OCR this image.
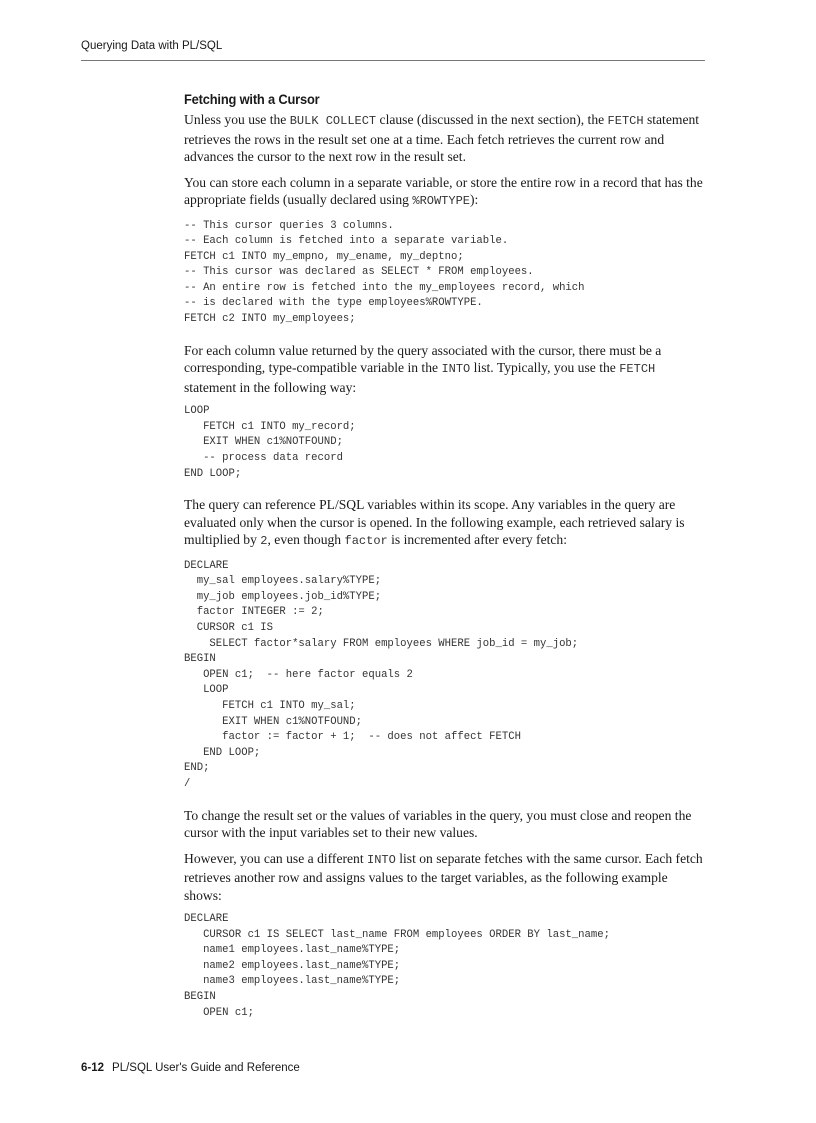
Querying Data with PL/SQL
Fetching with a Cursor

Unless you use the BULK COLLECT clause (discussed in the next section), the FETCH statement retrieves the rows in the result set one at a time. Each fetch retrieves the current row and advances the cursor to the next row in the result set.

You can store each column in a separate variable, or store the entire row in a record that has the appropriate fields (usually declared using %ROWTYPE):

-- This cursor queries 3 columns.
-- Each column is fetched into a separate variable.
FETCH c1 INTO my_empno, my_ename, my_deptno;
-- This cursor was declared as SELECT * FROM employees.
-- An entire row is fetched into the my_employees record, which
-- is declared with the type employees%ROWTYPE.
FETCH c2 INTO my_employees;

For each column value returned by the query associated with the cursor, there must be a corresponding, type-compatible variable in the INTO list. Typically, you use the FETCH statement in the following way:

LOOP
FETCH c1 INTO my_record;
EXIT WHEN c1%NOTFOUND;
-- process data record
END LOOP;

The query can reference PL/SQL variables within its scope. Any variables in the query are evaluated only when the cursor is opened. In the following example, each retrieved salary is multiplied by 2, even though factor is incremented after every fetch:

DECLARE
my_sal employees.salary%TYPE;
my_job employees.job_id%TYPE;
factor INTEGER := 2;
CURSOR c1 IS
SELECT factor*salary FROM employees WHERE job_id = my_job;
BEGIN
OPEN c1;  -- here factor equals 2
LOOP
FETCH c1 INTO my_sal;
EXIT WHEN c1%NOTFOUND;
factor := factor + 1;  -- does not affect FETCH
END LOOP;
END;
/

To change the result set or the values of variables in the query, you must close and reopen the cursor with the input variables set to their new values.

However, you can use a different INTO list on separate fetches with the same cursor. Each fetch retrieves another row and assigns values to the target variables, as the following example shows:

DECLARE
CURSOR c1 IS SELECT last_name FROM employees ORDER BY last_name;
name1 employees.last_name%TYPE;
name2 employees.last_name%TYPE;
name3 employees.last_name%TYPE;
BEGIN
OPEN c1;
6-12 PL/SQL User's Guide and Reference
